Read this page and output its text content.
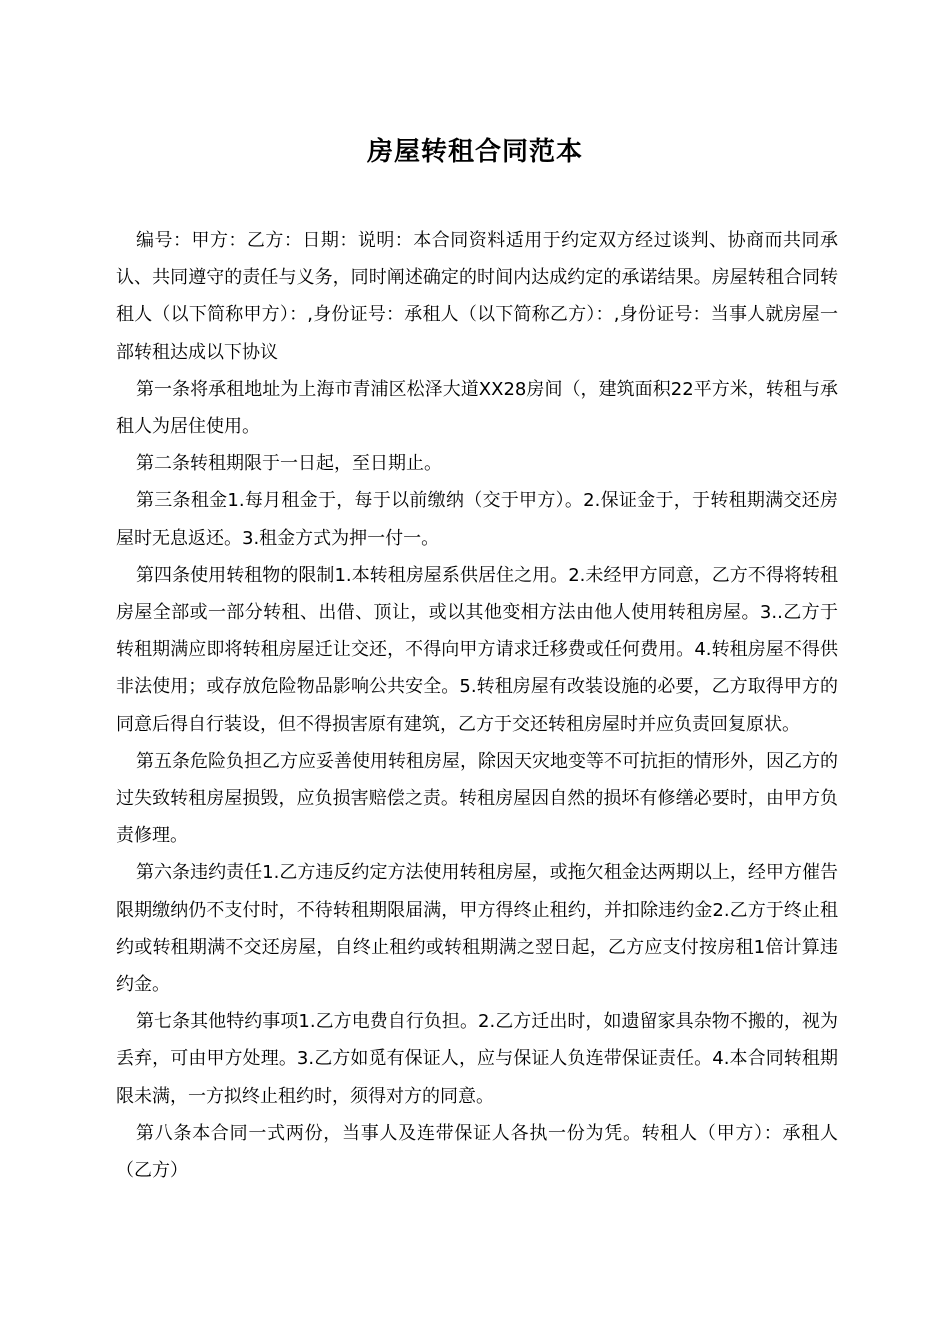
房屋转租合同范本

编号：甲方：乙方：日期：说明：本合同资料适用于约定双方经过谈判、协商而共同承认、共同遵守的责任与义务，同时阐述确定的时间内达成约定的承诺结果。房屋转租合同转租人（以下简称甲方）：,身份证号：承租人（以下简称乙方）：,身份证号：当事人就房屋一部转租达成以下协议

第一条将承租地址为上海市青浦区松泽大道XX28房间（，建筑面积22平方米，转租与承租人为居住使用。

第二条转租期限于一日起，至日期止。

第三条租金1.每月租金于，每于以前缴纳（交于甲方）。2.保证金于，于转租期满交还房屋时无息返还。3.租金方式为押一付一。

第四条使用转租物的限制1.本转租房屋系供居住之用。2.未经甲方同意，乙方不得将转租房屋全部或一部分转租、出借、顶让，或以其他变相方法由他人使用转租房屋。3..乙方于转租期满应即将转租房屋迁让交还，不得向甲方请求迁移费或任何费用。4.转租房屋不得供非法使用；或存放危险物品影响公共安全。5.转租房屋有改装设施的必要，乙方取得甲方的同意后得自行装设，但不得损害原有建筑，乙方于交还转租房屋时并应负责回复原状。

第五条危险负担乙方应妥善使用转租房屋，除因天灾地变等不可抗拒的情形外，因乙方的过失致转租房屋损毁，应负损害赔偿之责。转租房屋因自然的损坏有修缮必要时，由甲方负责修理。

第六条违约责任1.乙方违反约定方法使用转租房屋，或拖欠租金达两期以上，经甲方催告限期缴纳仍不支付时，不待转租期限届满，甲方得终止租约，并扣除违约金2.乙方于终止租约或转租期满不交还房屋，自终止租约或转租期满之翌日起，乙方应支付按房租1倍计算违约金。

第七条其他特约事项1.乙方电费自行负担。2.乙方迁出时，如遗留家具杂物不搬的，视为丢弃，可由甲方处理。3.乙方如觅有保证人，应与保证人负连带保证责任。4.本合同转租期限未满，一方拟终止租约时，须得对方的同意。

第八条本合同一式两份，当事人及连带保证人各执一份为凭。转租人（甲方）：承租人（乙方）
